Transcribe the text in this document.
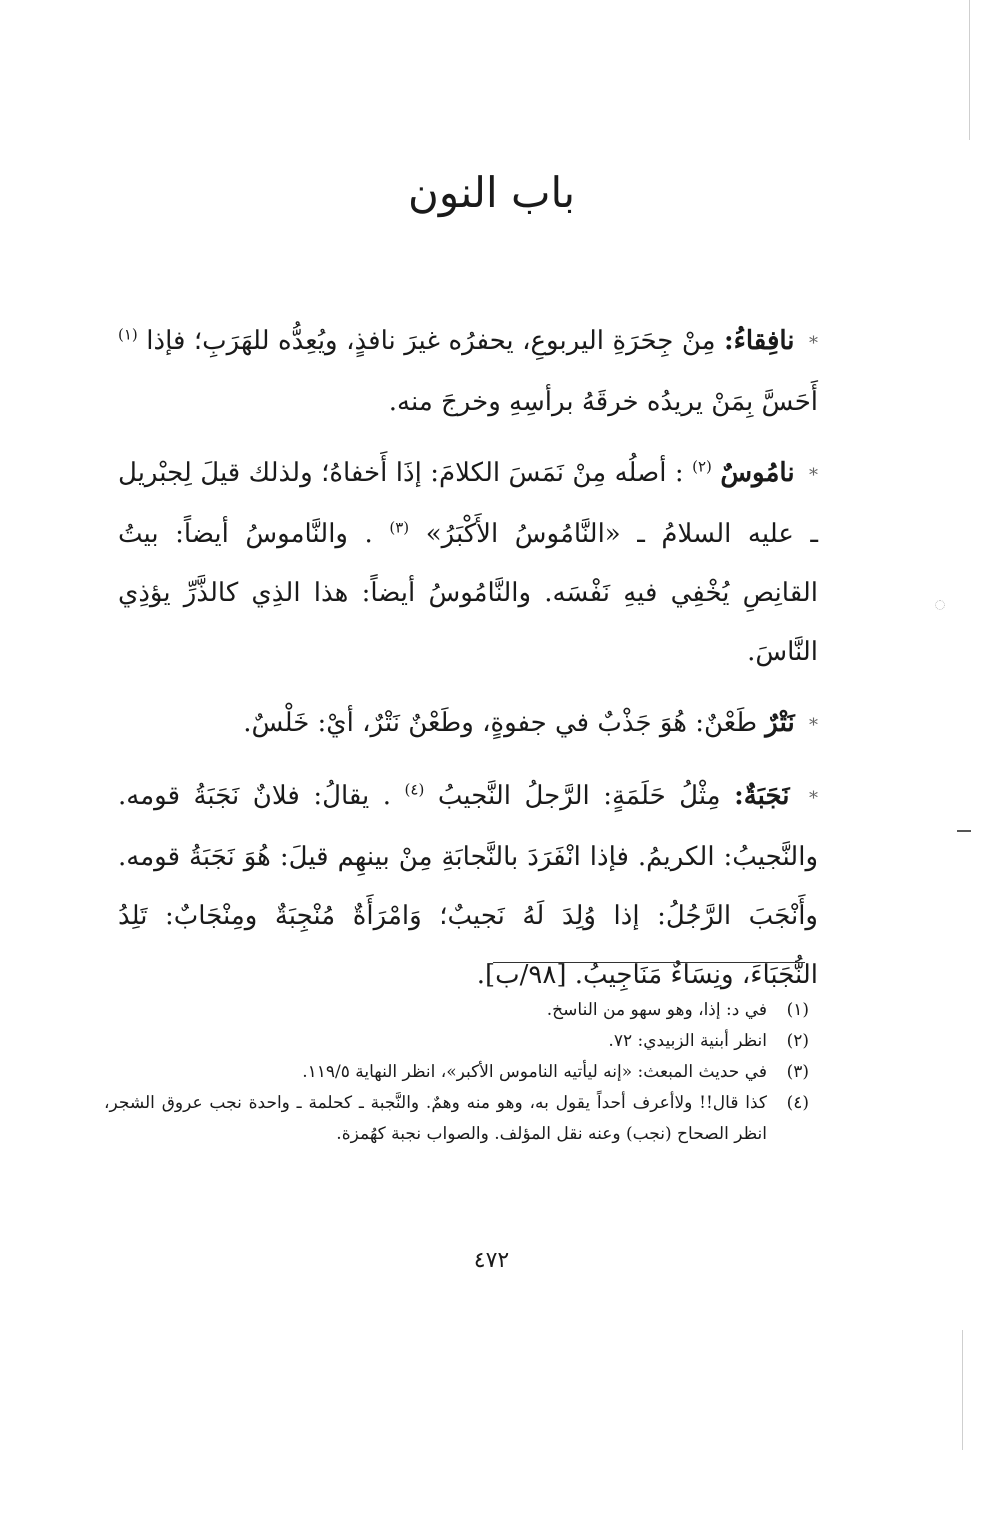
باب النون

* نافِقاءُ: مِنْ جِحَرَةِ اليربوعِ، يحفرُه غيرَ نافذٍ، ويُعِدُّه للهَرَبِ؛ فإذا $^{(١)}$ أَحَسَّ بِمَنْ يريدُه خرقَهُ برأسِهِ وخرجَ منه.

* نامُوسٌ $^{(٢)}$ : أصلُه مِنْ نَمَسَ الكلامَ: إذَا أَخفاهُ؛ ولذلك قيلَ لِجبْريل ـ عليه السلامُ ـ «النَّامُوسُ الأَكْبَرُ» $^{(٣)}$ . والنَّاموسُ أيضاً: بيتُ القانِصِ يُخْفِي فيهِ نَفْسَه. والنَّامُوسُ أيضاً: هذا الذِي كالذَّرِّ يؤذِي النَّاسَ.

* نَتْرٌ طَعْنٌ: هُوَ جَذْبٌ في جفوةٍ، وطَعْنٌ نَتْرٌ، أيْ: خَلْسٌ.

* نَجَبَةٌ: مِثْلُ حَلَمَةٍ: الرَّجلُ النَّجيبُ $^{(٤)}$ . يقالُ: فلانٌ نَجَبَةُ قومه. والنَّجيبُ: الكريمُ. فإذا انْفَرَدَ بالنَّجابَةِ مِنْ بينهِم قيلَ: هُوَ نَجَبَةُ قومه. وأَنْجَبَ الرَّجُلُ: إذا وُلِدَ لَهُ نَجيبٌ؛ وَامْرَأَةٌ مُنْجِبَةٌ ومِنْجَابٌ: تَلِدُ النُّجَبَاءَ، ونِسَاءٌ مَنَاجِيبُ. [٩٨/ب].

(١)
في د: إذا، وهو سهو من الناسخ.
(٢)
انظر أبنية الزبيدي: ٧٢.
(٣)
في حديث المبعث: «إنه ليأتيه الناموس الأكبر»، انظر النهاية ١١٩/٥.
(٤)
كذا قال!! ولاأعرف أحداً يقول به، وهو منه وهمٌ. والنَّجبة ـ كحلمة ـ واحدة نجب عروق الشجر، انظر الصحاح (نجب) وعنه نقل المؤلف. والصواب نجبة كهُمزة.
٤٧٢
